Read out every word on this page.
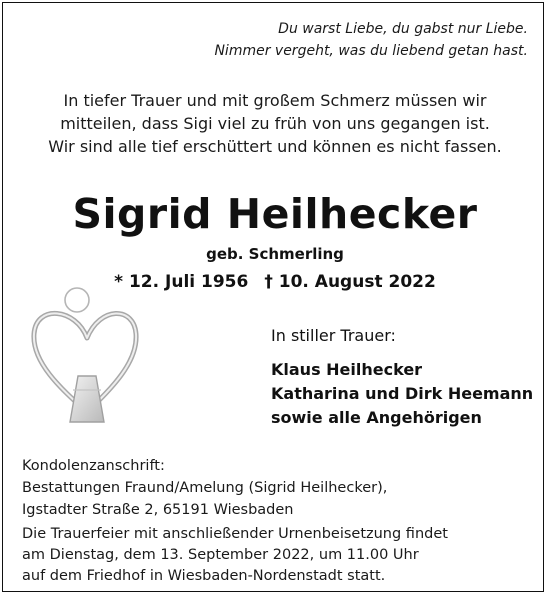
Du warst Liebe, du gabst nur Liebe.
Nimmer vergeht, was du liebend getan hast.
In tiefer Trauer und mit großem Schmerz müssen wir
mitteilen, dass Sigi viel zu früh von uns gegangen ist.
Wir sind alle tief erschüttert und können es nicht fassen.
Sigrid Heilhecker
geb. Schmerling
* 12. Juli 1956 † 10. August 2022
In stiller Trauer:
Klaus Heilhecker
Katharina und Dirk Heemann
sowie alle Angehörigen
Kondolenzanschrift:
Bestattungen Fraund/Amelung (Sigrid Heilhecker),
Igstadter Straße 2, 65191 Wiesbaden
Die Trauerfeier mit anschließender Urnenbeisetzung findet
am Dienstag, dem 13. September 2022, um 11.00 Uhr
auf dem Friedhof in Wiesbaden-Nordenstadt statt.
